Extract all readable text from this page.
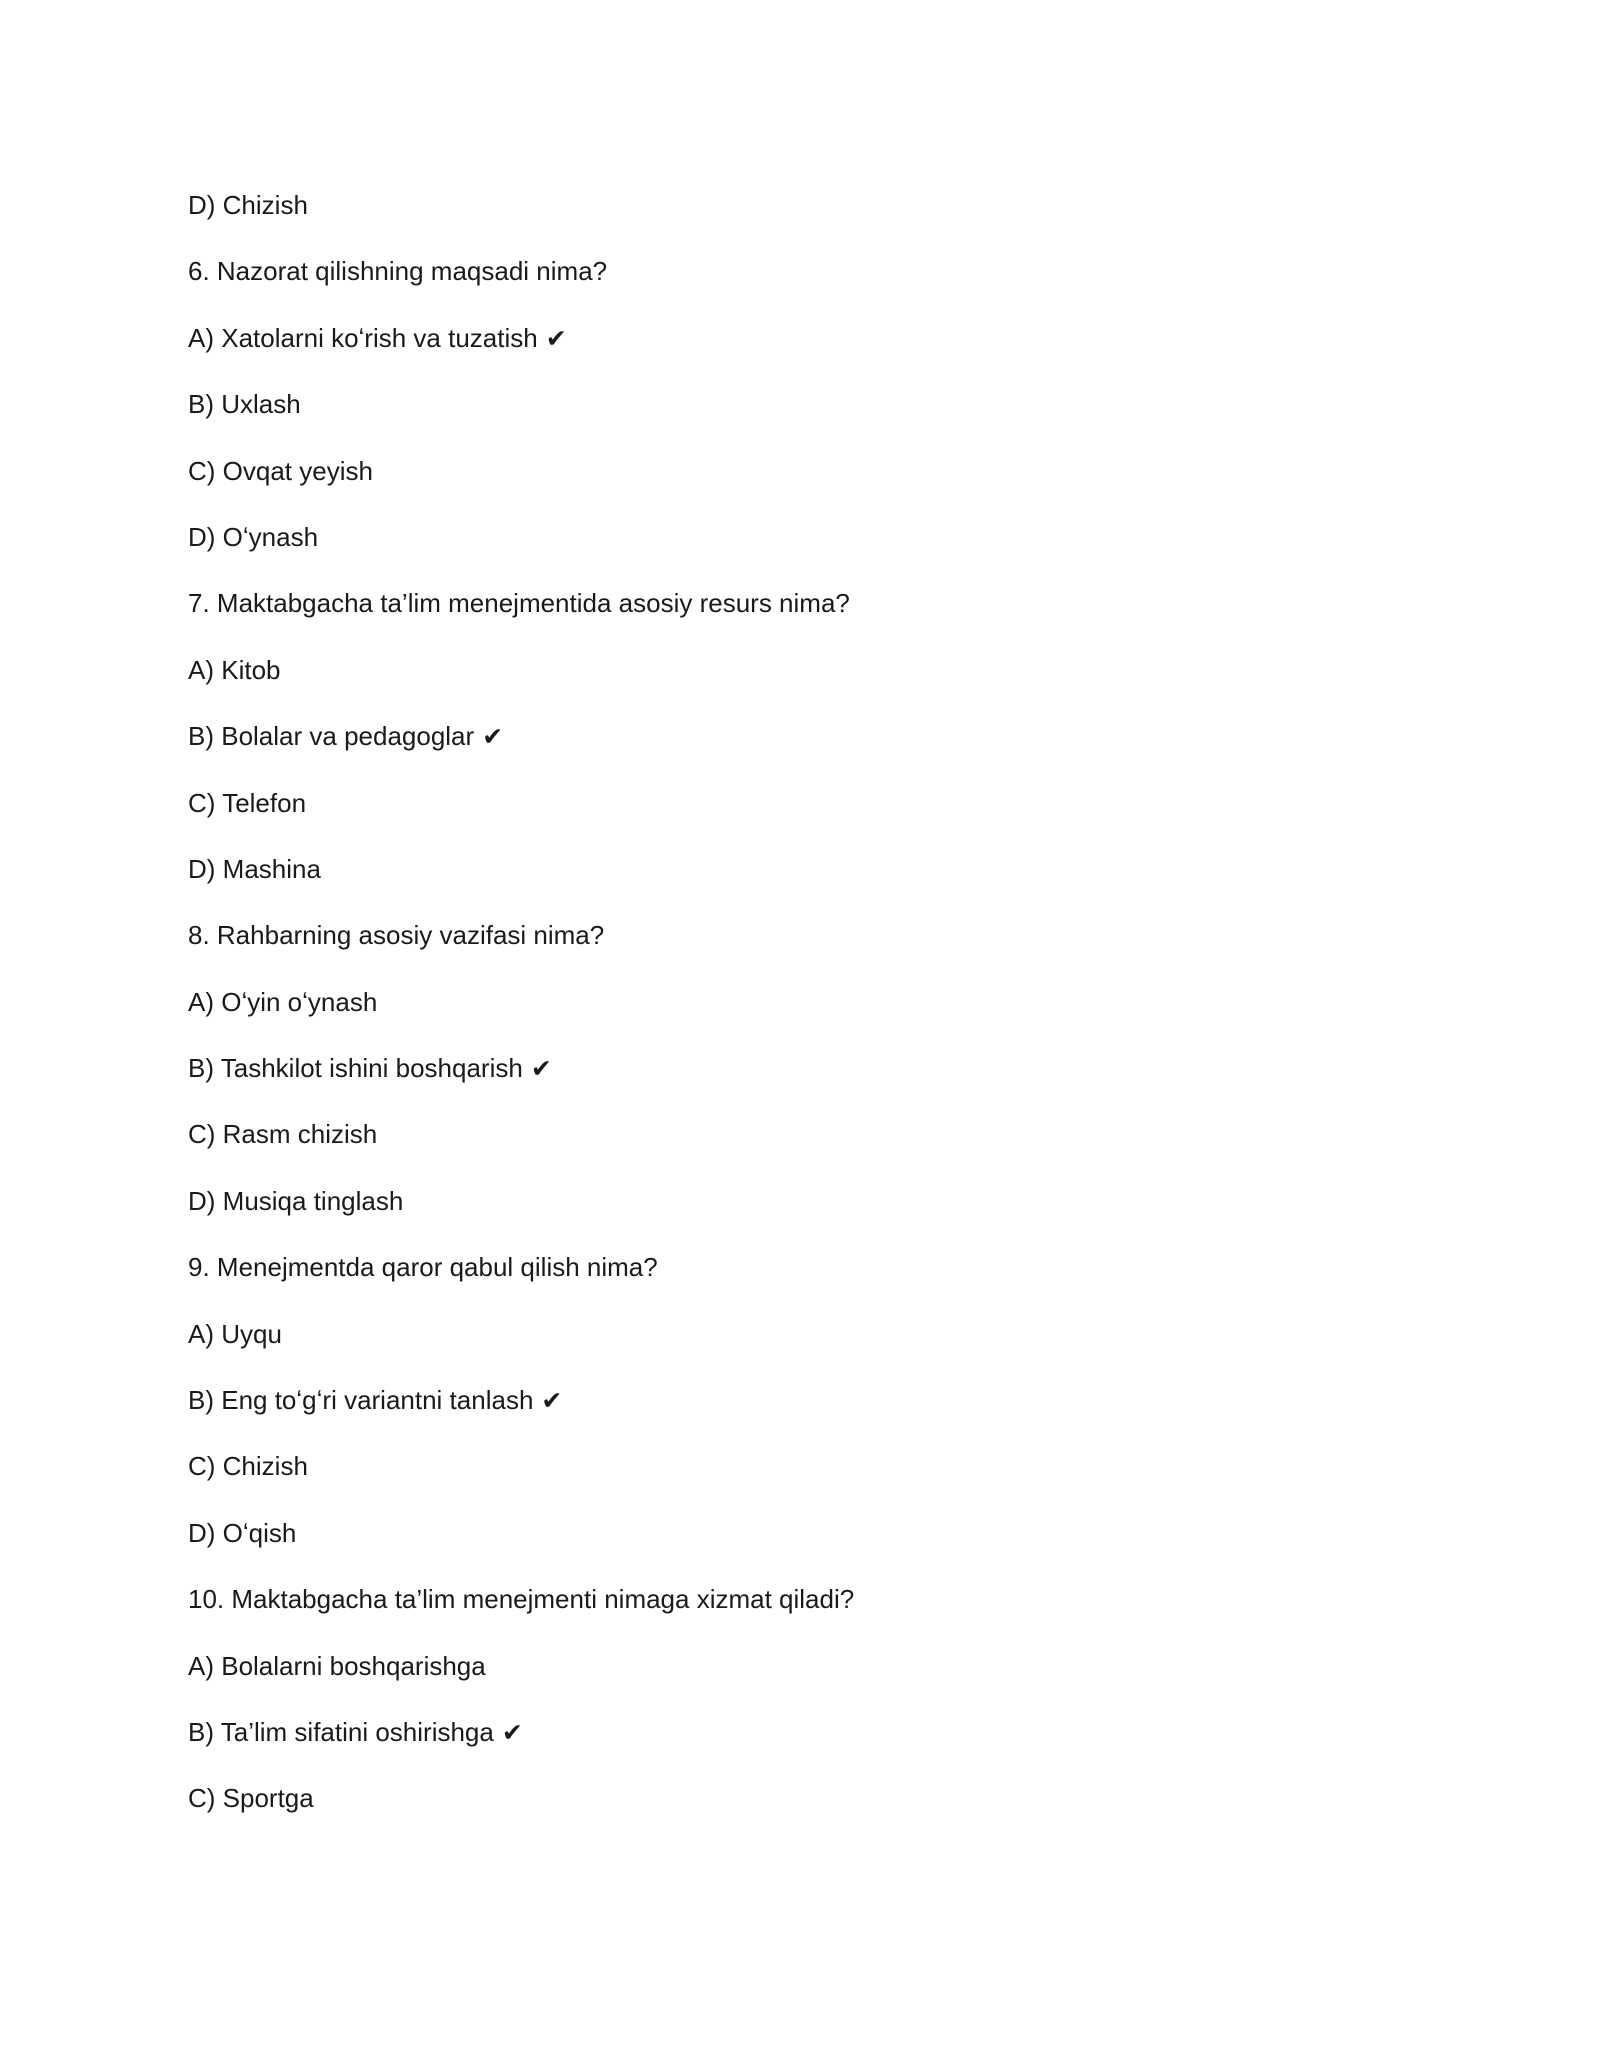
D) Chizish
6. Nazorat qilishning maqsadi nima?
A) Xatolarni koʻrish va tuzatish ✔
B) Uxlash
C) Ovqat yeyish
D) Oʻynash
7. Maktabgacha ta’lim menejmentida asosiy resurs nima?
A) Kitob
B) Bolalar va pedagoglar ✔
C) Telefon
D) Mashina
8. Rahbarning asosiy vazifasi nima?
A) Oʻyin oʻynash
B) Tashkilot ishini boshqarish ✔
C) Rasm chizish
D) Musiqa tinglash
9. Menejmentda qaror qabul qilish nima?
A) Uyqu
B) Eng toʻgʻri variantni tanlash ✔
C) Chizish
D) Oʻqish
10. Maktabgacha ta’lim menejmenti nimaga xizmat qiladi?
A) Bolalarni boshqarishga
B) Ta’lim sifatini oshirishga ✔
C) Sportga
